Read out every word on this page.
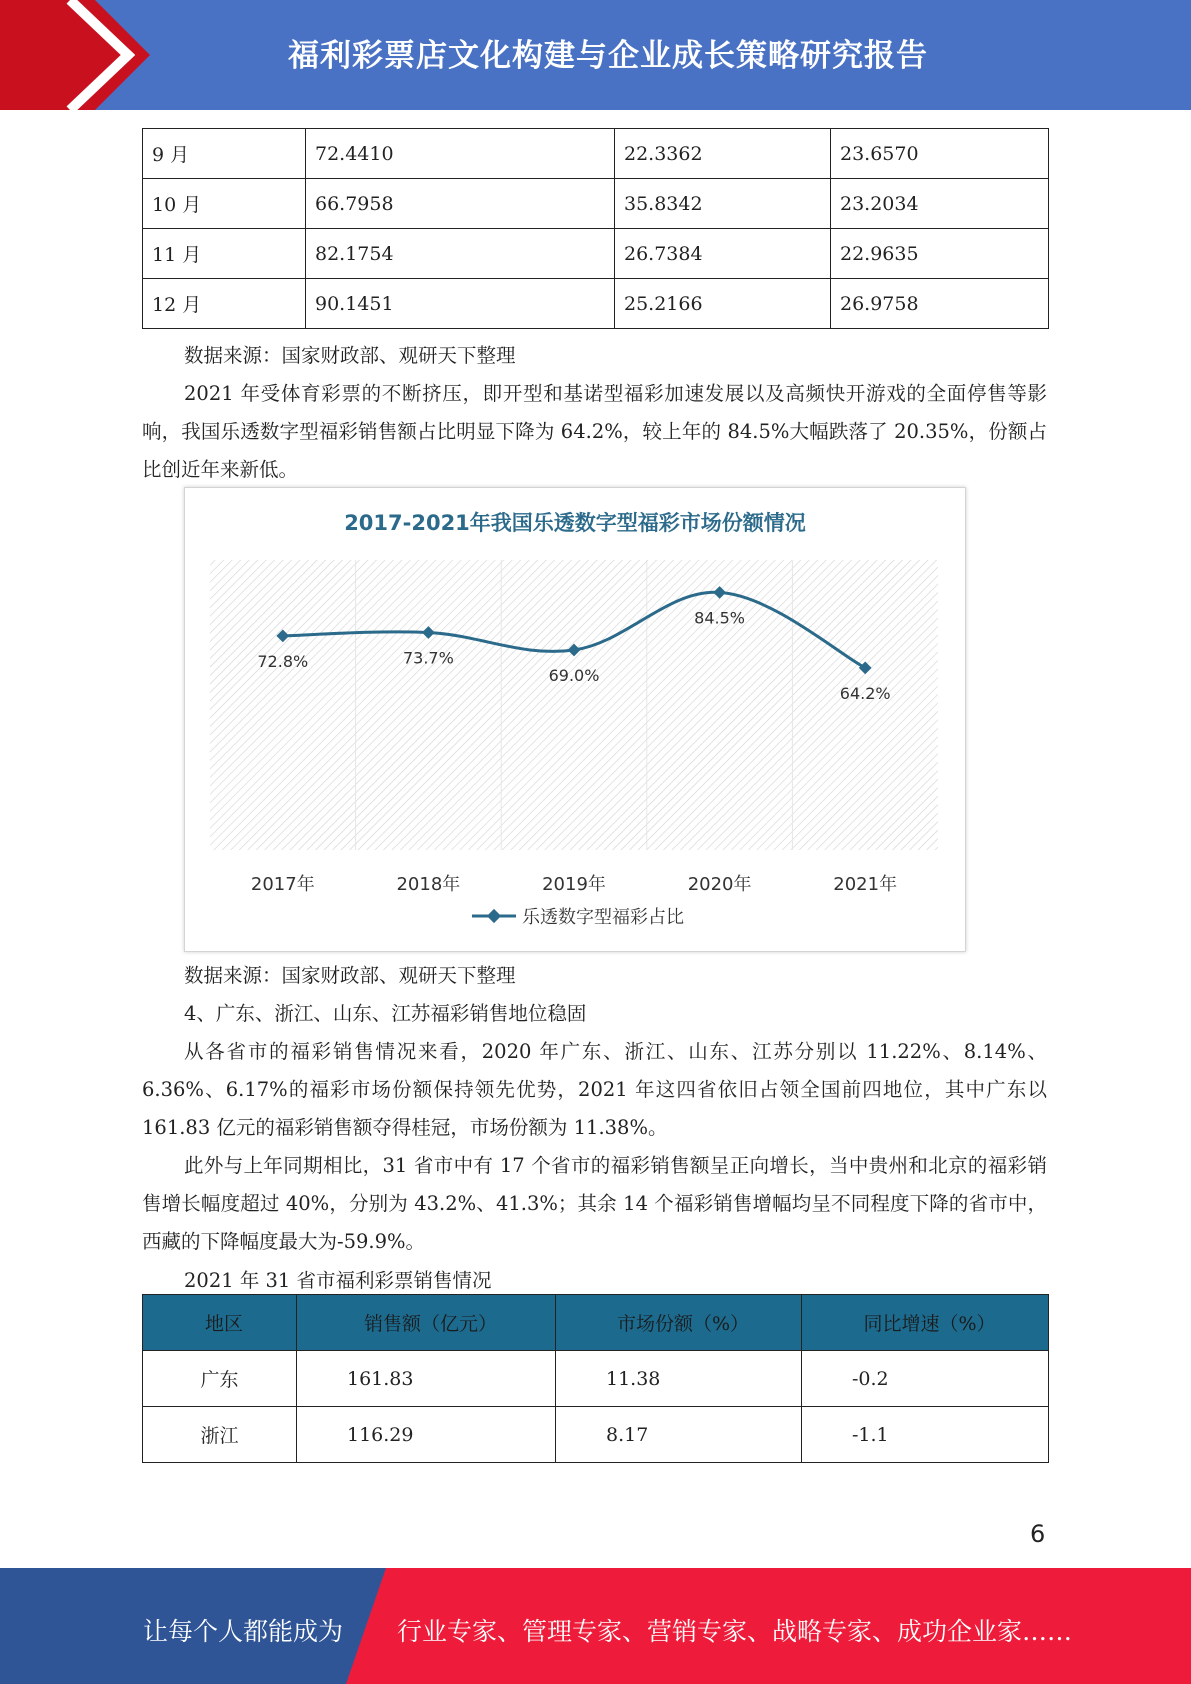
福利彩票店文化构建与企业成长策略研究报告
9 月	72.4410	22.3362	23.6570
10 月	66.7958	35.8342	23.2034
11 月	82.1754	26.7384	22.9635
12 月	90.1451	25.2166	26.9758

数据来源：国家财政部、观研天下整理

2021 年受体育彩票的不断挤压，即开型和基诺型福彩加速发展以及高频快开游戏的全面停售等影响，我国乐透数字型福彩销售额占比明显下降为 64.2%，较上年的 84.5%大幅跌落了 20.35%，份额占比创近年来新低。

2017-2021年我国乐透数字型福彩市场份额情况
72.8%
2017年
73.7%
2018年
69.0%
2019年
84.5%
2020年
64.2%
2021年
乐透数字型福彩占比

数据来源：国家财政部、观研天下整理

4、广东、浙江、山东、江苏福彩销售地位稳固

从各省市的福彩销售情况来看，2020 年广东、浙江、山东、江苏分别以 11.22%、8.14%、6.36%、6.17%的福彩市场份额保持领先优势，2021 年这四省依旧占领全国前四地位，其中广东以161.83 亿元的福彩销售额夺得桂冠，市场份额为 11.38%。

此外与上年同期相比，31 省市中有 17 个省市的福彩销售额呈正向增长，当中贵州和北京的福彩销售增长幅度超过 40%，分别为 43.2%、41.3%；其余 14 个福彩销售增幅均呈不同程度下降的省市中，西藏的下降幅度最大为-59.9%。

2021 年 31 省市福利彩票销售情况

地区	销售额（亿元）	市场份额（%）	同比增速（%）
广东	161.83	11.38	-0.2
浙江	116.29	8.17	-1.1
6
让每个人都能成为 行业专家、管理专家、营销专家、战略专家、成功企业家……
